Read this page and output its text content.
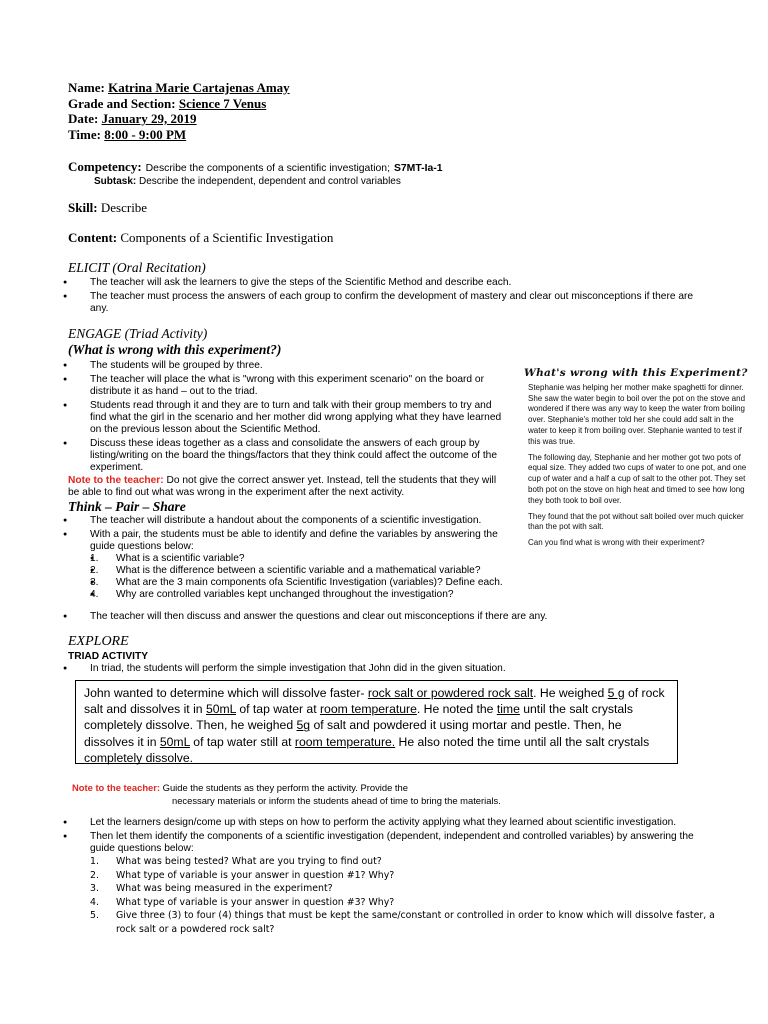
Name: Katrina Marie Cartajenas Amay
Grade and Section: Science 7 Venus
Date: January 29, 2019
Time: 8:00 - 9:00 PM
Competency: Describe the components of a scientific investigation; S7MT-Ia-1
Subtask: Describe the independent, dependent and control variables
Skill: Describe
Content: Components of a Scientific Investigation
ELICIT (Oral Recitation)
● The teacher will ask the learners to give the steps of the Scientific Method and describe each.
● The teacher must process the answers of each group to confirm the development of mastery and clear out misconceptions if there are any.
ENGAGE (Triad Activity)
(What is wrong with this experiment?)
● The students will be grouped by three.
● The teacher will place the what is "wrong with this experiment scenario" on the board or distribute it as hand – out to the triad.
● Students read through it and they are to turn and talk with their group members to try and find what the girl in the scenario and her mother did wrong applying what they have learned on the previous lesson about the Scientific Method.
● Discuss these ideas together as a class and consolidate the answers of each group by listing/writing on the board the things/factors that they think could affect the outcome of the experiment.
Note to the teacher: Do not give the correct answer yet. Instead, tell the students that they will be able to find out what was wrong in the experiment after the next activity.
What's wrong with this Experiment?

Stephanie was helping her mother make spaghetti for dinner. She saw the water begin to boil over the pot on the stove and wondered if there was any way to keep the water from boiling over. Stephanie's mother told her she could add salt in the water to keep it from boiling over. Stephanie wanted to test if this was true.

The following day, Stephanie and her mother got two pots of equal size. They added two cups of water to one pot, and one cup of water and a half a cup of salt to the other pot. They set both pot on the stove on high heat and timed to see how long they both took to boil over.

They found that the pot without salt boiled over much quicker than the pot with salt.

Can you find what is wrong with their experiment?

Think – Pair – Share
● The teacher will distribute a handout about the components of a scientific investigation.
● With a pair, the students must be able to identify and define the variables by answering the guide questions below:
● 1. What is a scientific variable?
● 2. What is the difference between a scientific variable and a mathematical variable?
● 3. What are the 3 main components ofa Scientific Investigation (variables)? Define each.
● 4. Why are controlled variables kept unchanged throughout the investigation?
● The teacher will then discuss and answer the questions and clear out misconceptions if there are any.
EXPLORE
TRIAD ACTIVITY
● In triad, the students will perform the simple investigation that John did in the given situation.
John wanted to determine which will dissolve faster- rock salt or powdered rock salt. He weighed 5 g of rock salt and dissolves it in 50mL of tap water at room temperature. He noted the time until the salt crystals completely dissolve. Then, he weighed 5g of salt and powdered it using mortar and pestle. Then, he dissolves it in 50mL of tap water still at room temperature. He also noted the time until all the salt crystals completely dissolve.
Note to the teacher: Guide the students as they perform the activity. Provide the
necessary materials or inform the students ahead of time to bring the materials.
● Let the learners design/come up with steps on how to perform the activity applying what they learned about scientific investigation.
● Then let them identify the components of a scientific investigation (dependent, independent and controlled variables) by answering the guide questions below:
1. What was being tested? What are you trying to find out?
2. What type of variable is your answer in question #1? Why?
3. What was being measured in the experiment?
4. What type of variable is your answer in question #3? Why?
5. Give three (3) to four (4) things that must be kept the same/constant or controlled in order to know which will dissolve faster, a rock salt or a powdered rock salt?
